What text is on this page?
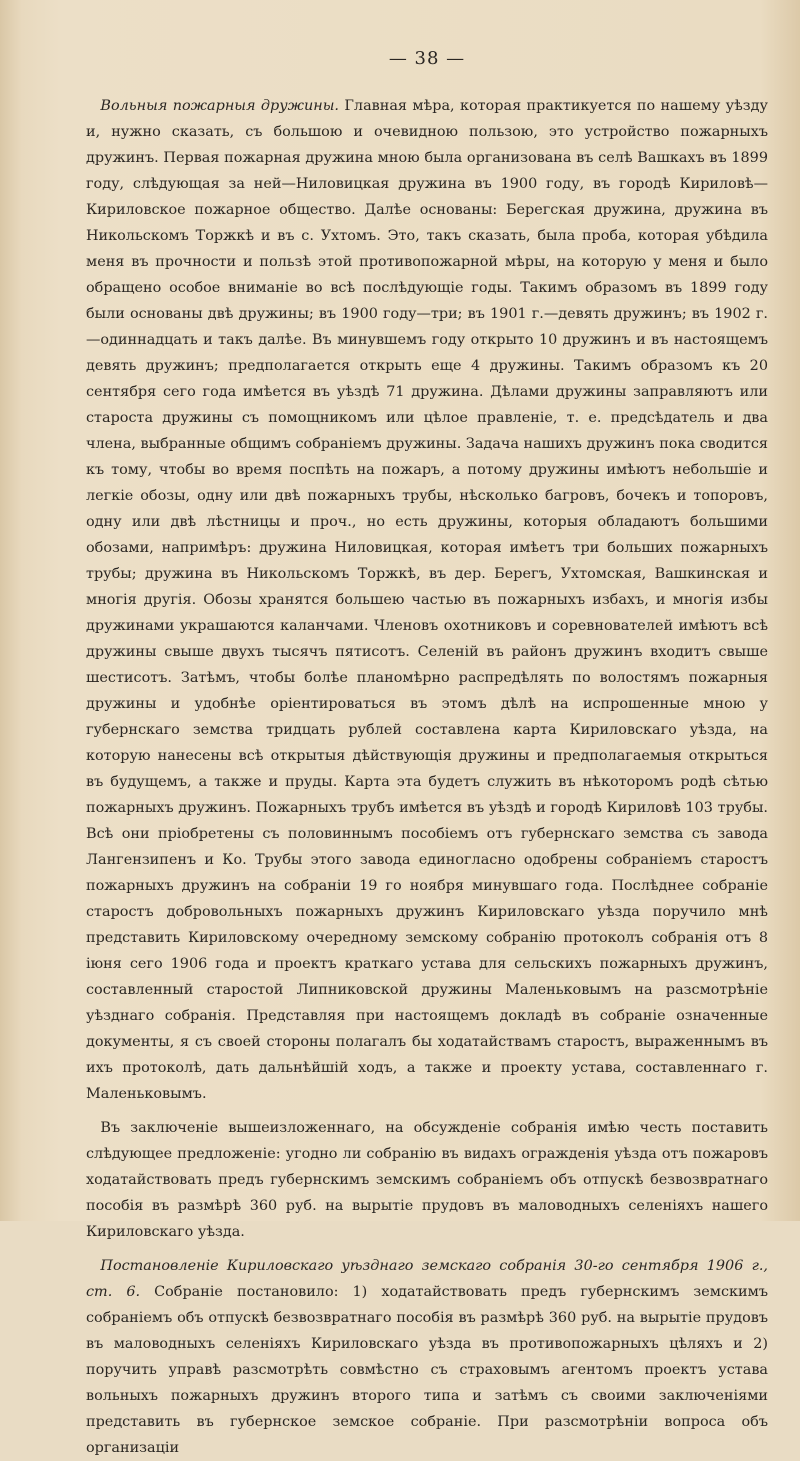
— 38 —

 Вольныя пожарныя дружины. Главная мѣра, которая практикуется по нашему уѣзду и, нужно сказать, съ большою и очевидною пользою, это устройство пожарныхъ дружинъ. Первая пожарная дружина мною была организована въ селѣ Вашкахъ въ 1899 году, слѣдующая за ней—Ниловицкая дружина въ 1900 году, въ городѣ Кириловѣ—Кириловское пожарное общество. Далѣе основаны: Берегская дружина, дружина въ Никольскомъ Торжкѣ и въ с. Ухтомъ. Это, такъ сказать, была проба, которая убѣдила меня въ прочности и пользѣ этой противопожарной мѣры, на которую у меня и было обращено особое вниманіе во всѣ послѣдующіе годы. Такимъ образомъ въ 1899 году были основаны двѣ дружины; въ 1900 году—три; въ 1901 г.—девять дружинъ; въ 1902 г.—одиннадцать и такъ далѣе. Въ минувшемъ году открыто 10 дружинъ и въ настоящемъ девять дружинъ; предполагается открыть еще 4 дружины. Такимъ образомъ къ 20 сентября сего года имѣется въ уѣздѣ 71 дружина. Дѣлами дружины заправляютъ или староста дружины съ помощникомъ или цѣлое правленіе, т. е. предсѣдатель и два члена, выбранные общимъ собраніемъ дружины. Задача нашихъ дружинъ пока сводится къ тому, чтобы во время поспѣть на пожаръ, а потому дружины имѣютъ небольшіе и легкіе обозы, одну или двѣ пожарныхъ трубы, нѣсколько багровъ, бочекъ и топоровъ, одну или двѣ лѣстницы и проч., но есть дружины, которыя обладаютъ большими обозами, напримѣръ: дружина Ниловицкая, которая имѣетъ три больших пожарныхъ трубы; дружина въ Никольскомъ Торжкѣ, въ дер. Берегъ, Ухтомская, Вашкинская и многія другія. Обозы хранятся большею частью въ пожарныхъ избахъ, и многія избы дружинами украшаются каланчами. Членовъ охотниковъ и соревнователей имѣютъ всѣ дружины свыше двухъ тысячъ пятисотъ. Селеній въ районъ дружинъ входитъ свыше шестисотъ. Затѣмъ, чтобы болѣе планомѣрно распредѣлять по волостямъ пожарныя дружины и удобнѣе оріентироваться въ этомъ дѣлѣ на испрошенные мною у губернскаго земства тридцать рублей составлена карта Кириловскаго уѣзда, на которую нанесены всѣ открытыя дѣйствующія дружины и предполагаемыя открыться въ будущемъ, а также и пруды. Карта эта будетъ служить въ нѣкоторомъ родѣ сѣтью пожарныхъ дружинъ. Пожарныхъ трубъ имѣется въ уѣздѣ и городѣ Кириловѣ 103 трубы. Всѣ они пріобретены съ половиннымъ пособіемъ отъ губернскаго земства съ завода Лангензипенъ и Ко. Трубы этого завода единогласно одобрены собраніемъ старостъ пожарныхъ дружинъ на собраніи 19 го ноября минувшаго года. Послѣднее собраніе старостъ добровольныхъ пожарныхъ дружинъ Кириловскаго уѣзда поручило мнѣ представить Кириловскому очередному земскому собранію протоколъ собранія отъ 8 іюня сего 1906 года и проектъ краткаго устава для сельскихъ пожарныхъ дружинъ, составленный старостой Липниковской дружины Маленьковымъ на разсмотрѣніе уѣзднаго собранія. Представляя при настоящемъ докладѣ въ собраніе означенные документы, я съ своей стороны полагалъ бы ходатайствамъ старостъ, выраженнымъ въ ихъ протоколѣ, дать дальнѣйшій ходъ, а также и проекту устава, составленнаго г. Маленьковымъ.

 Въ заключеніе вышеизложеннаго, на обсужденіе собранія имѣю честь поставить слѣдующее предложеніе: угодно ли собранію въ видахъ огражденія уѣзда отъ пожаровъ ходатайствовать предъ губернскимъ земскимъ собраніемъ объ отпускѣ безвозвратнаго пособія въ размѣрѣ 360 руб. на вырытіе прудовъ въ маловодныхъ селеніяхъ нашего Кириловскаго уѣзда.

 Постановленіе Кириловскаго уѣзднаго земскаго собранія 30-го сентября 1906 г., ст. 6. Собраніе постановило: 1) ходатайствовать предъ губернскимъ земскимъ собраніемъ объ отпускѣ безвозвратнаго пособія въ размѣрѣ 360 руб. на вырытіе прудовъ въ маловодныхъ селеніяхъ Кириловскаго уѣзда въ противопожарныхъ цѣляхъ и 2) поручить управѣ разсмотрѣть совмѣстно съ страховымъ агентомъ проектъ устава вольныхъ пожарныхъ дружинъ второго типа и затѣмъ съ своими заключеніями представить въ губернское земское собраніе. При разсмотрѣніи вопроса объ организаціи
